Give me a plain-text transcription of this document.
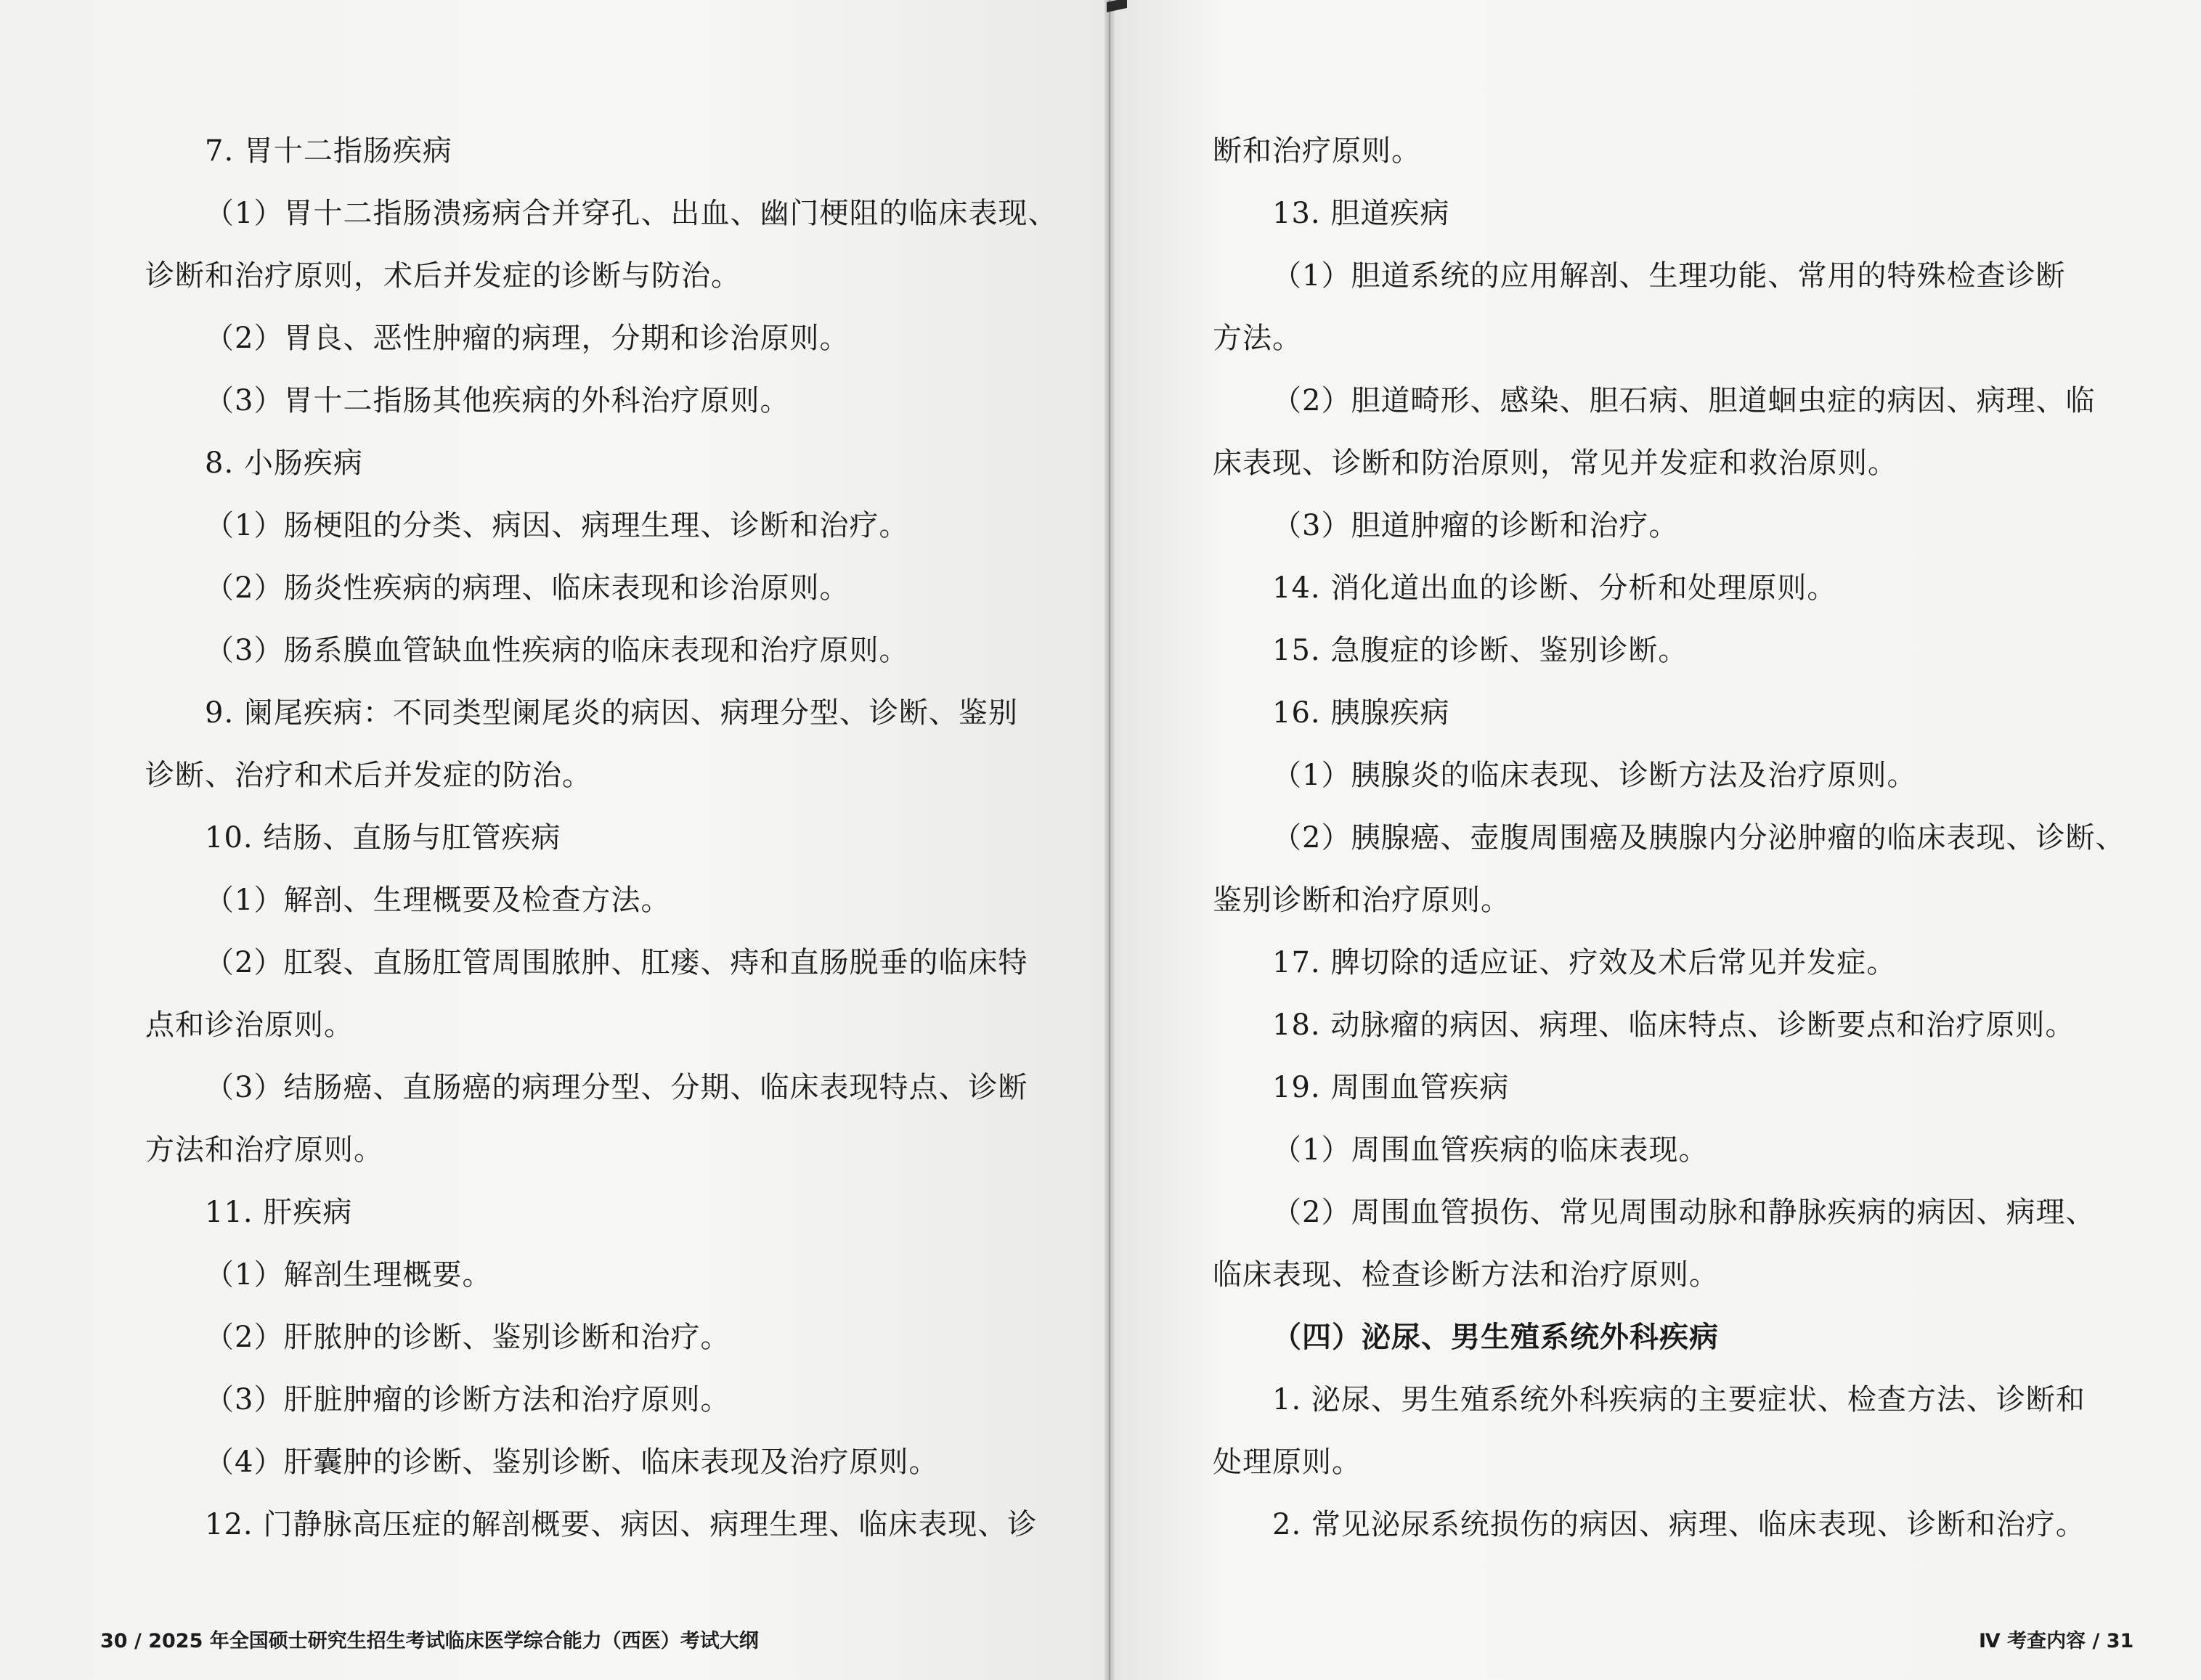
7. 胃十二指肠疾病
（1）胃十二指肠溃疡病合并穿孔、出血、幽门梗阻的临床表现、
诊断和治疗原则，术后并发症的诊断与防治。
（2）胃良、恶性肿瘤的病理，分期和诊治原则。
（3）胃十二指肠其他疾病的外科治疗原则。
8. 小肠疾病
（1）肠梗阻的分类、病因、病理生理、诊断和治疗。
（2）肠炎性疾病的病理、临床表现和诊治原则。
（3）肠系膜血管缺血性疾病的临床表现和治疗原则。
9. 阑尾疾病：不同类型阑尾炎的病因、病理分型、诊断、鉴别
诊断、治疗和术后并发症的防治。
10. 结肠、直肠与肛管疾病
（1）解剖、生理概要及检查方法。
（2）肛裂、直肠肛管周围脓肿、肛瘘、痔和直肠脱垂的临床特
点和诊治原则。
（3）结肠癌、直肠癌的病理分型、分期、临床表现特点、诊断
方法和治疗原则。
11. 肝疾病
（1）解剖生理概要。
（2）肝脓肿的诊断、鉴别诊断和治疗。
（3）肝脏肿瘤的诊断方法和治疗原则。
（4）肝囊肿的诊断、鉴别诊断、临床表现及治疗原则。
12. 门静脉高压症的解剖概要、病因、病理生理、临床表现、诊
断和治疗原则。
13. 胆道疾病
（1）胆道系统的应用解剖、生理功能、常用的特殊检查诊断
方法。
（2）胆道畸形、感染、胆石病、胆道蛔虫症的病因、病理、临
床表现、诊断和防治原则，常见并发症和救治原则。
（3）胆道肿瘤的诊断和治疗。
14. 消化道出血的诊断、分析和处理原则。
15. 急腹症的诊断、鉴别诊断。
16. 胰腺疾病
（1）胰腺炎的临床表现、诊断方法及治疗原则。
（2）胰腺癌、壶腹周围癌及胰腺内分泌肿瘤的临床表现、诊断、
鉴别诊断和治疗原则。
17. 脾切除的适应证、疗效及术后常见并发症。
18. 动脉瘤的病因、病理、临床特点、诊断要点和治疗原则。
19. 周围血管疾病
（1）周围血管疾病的临床表现。
（2）周围血管损伤、常见周围动脉和静脉疾病的病因、病理、
临床表现、检查诊断方法和治疗原则。
（四）泌尿、男生殖系统外科疾病
1. 泌尿、男生殖系统外科疾病的主要症状、检查方法、诊断和
处理原则。
2. 常见泌尿系统损伤的病因、病理、临床表现、诊断和治疗。
30 / 2025 年全国硕士研究生招生考试临床医学综合能力（西医）考试大纲	Ⅳ 考查内容 / 31
